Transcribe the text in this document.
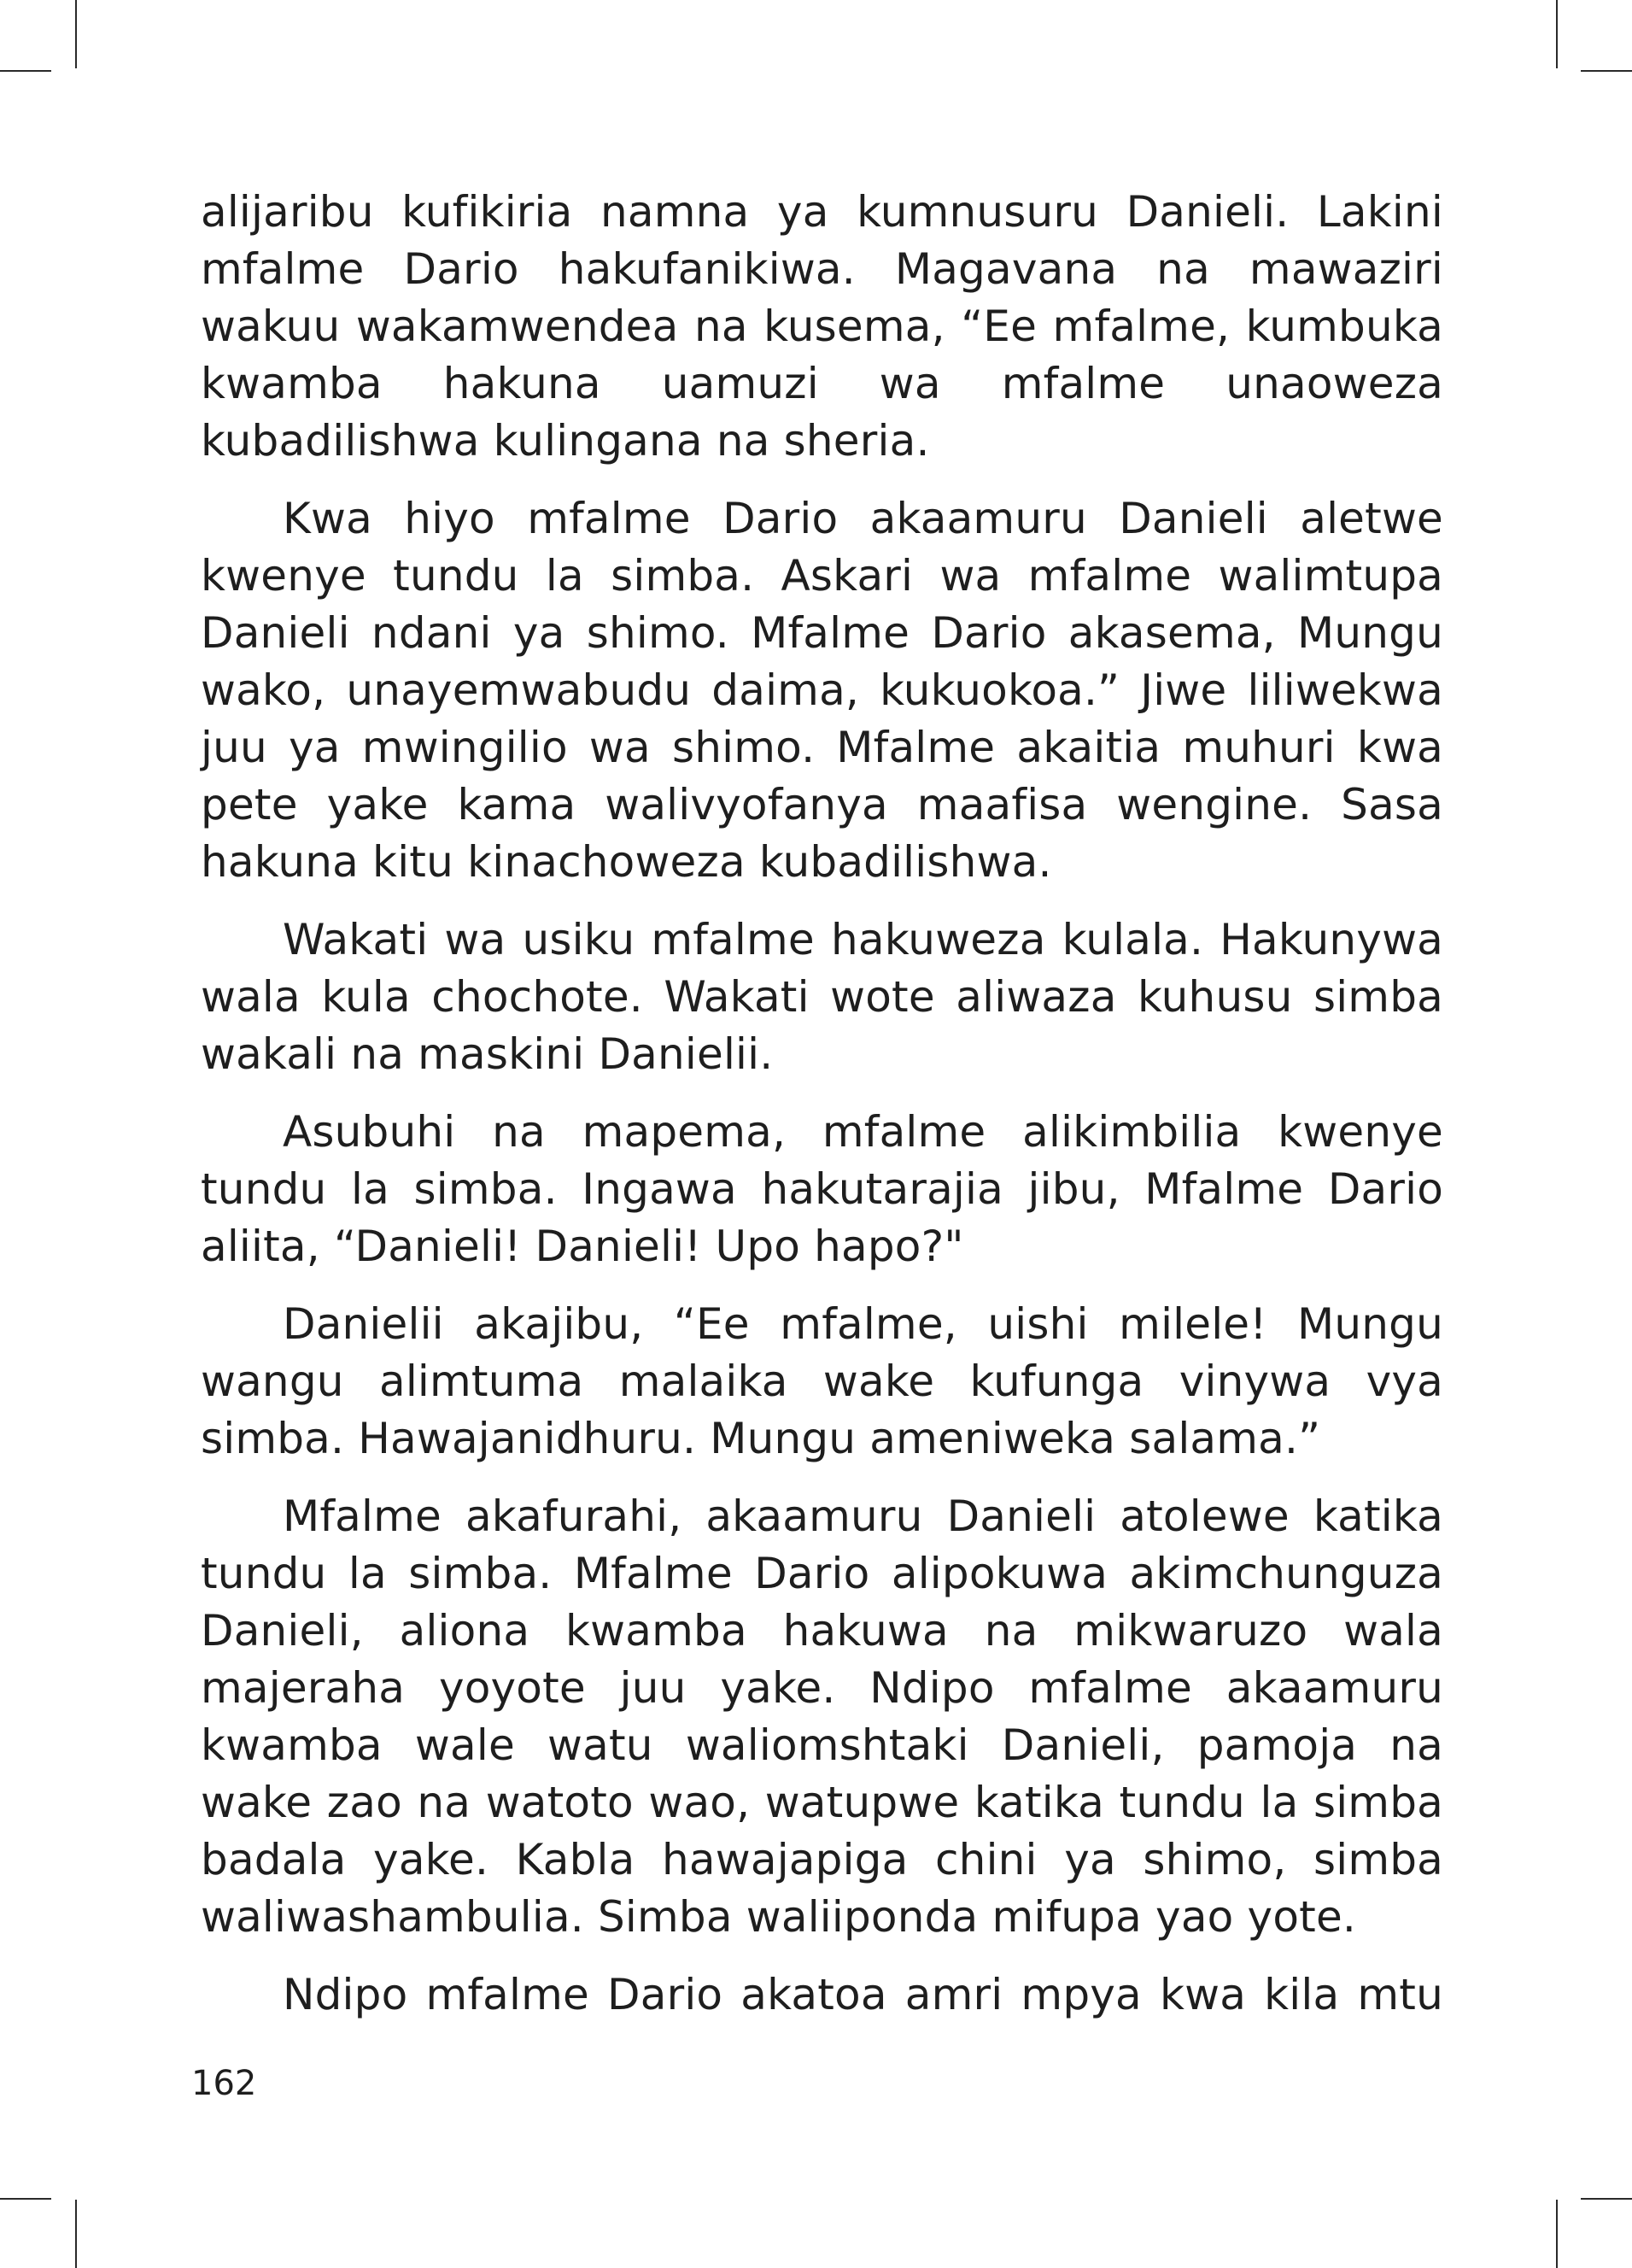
alijaribu kufikiria namna ya kumnusuru Danieli. Lakini mfalme Dario hakufanikiwa. Magavana na mawaziri wakuu wakamwendea na kusema, “Ee mfalme, kumbuka kwamba hakuna uamuzi wa mfalme unaoweza kubadilishwa kulingana na sheria.

Kwa hiyo mfalme Dario akaamuru Danieli aletwe kwenye tundu la simba. Askari wa mfalme walimtupa Danieli ndani ya shimo. Mfalme Dario akasema, Mungu wako, unayemwabudu daima, kukuokoa.” Jiwe liliwekwa juu ya mwingilio wa shimo. Mfalme akaitia muhuri kwa pete yake kama walivyofanya maafisa wengine. Sasa hakuna kitu kinachoweza kubadilishwa.

Wakati wa usiku mfalme hakuweza kulala. Hakunywa wala kula chochote. Wakati wote aliwaza kuhusu simba wakali na maskini Danielii.

Asubuhi na mapema, mfalme alikimbilia kwenye tundu la simba. Ingawa hakutarajia jibu, Mfalme Dario aliita, “Danieli! Danieli! Upo hapo?"

Danielii akajibu, “Ee mfalme, uishi milele! Mungu wangu alimtuma malaika wake kufunga vinywa vya simba. Hawajanidhuru. Mungu ameniweka salama.”

Mfalme akafurahi, akaamuru Danieli atolewe katika tundu la simba. Mfalme Dario alipokuwa akimchunguza Danieli, aliona kwamba hakuwa na mikwaruzo wala majeraha yoyote juu yake. Ndipo mfalme akaamuru kwamba wale watu waliomshtaki Danieli, pamoja na wake zao na watoto wao, watupwe katika tundu la simba badala yake. Kabla hawajapiga chini ya shimo, simba waliwashambulia. Simba waliiponda mifupa yao yote.

Ndipo mfalme Dario akatoa amri mpya kwa kila mtu

162
